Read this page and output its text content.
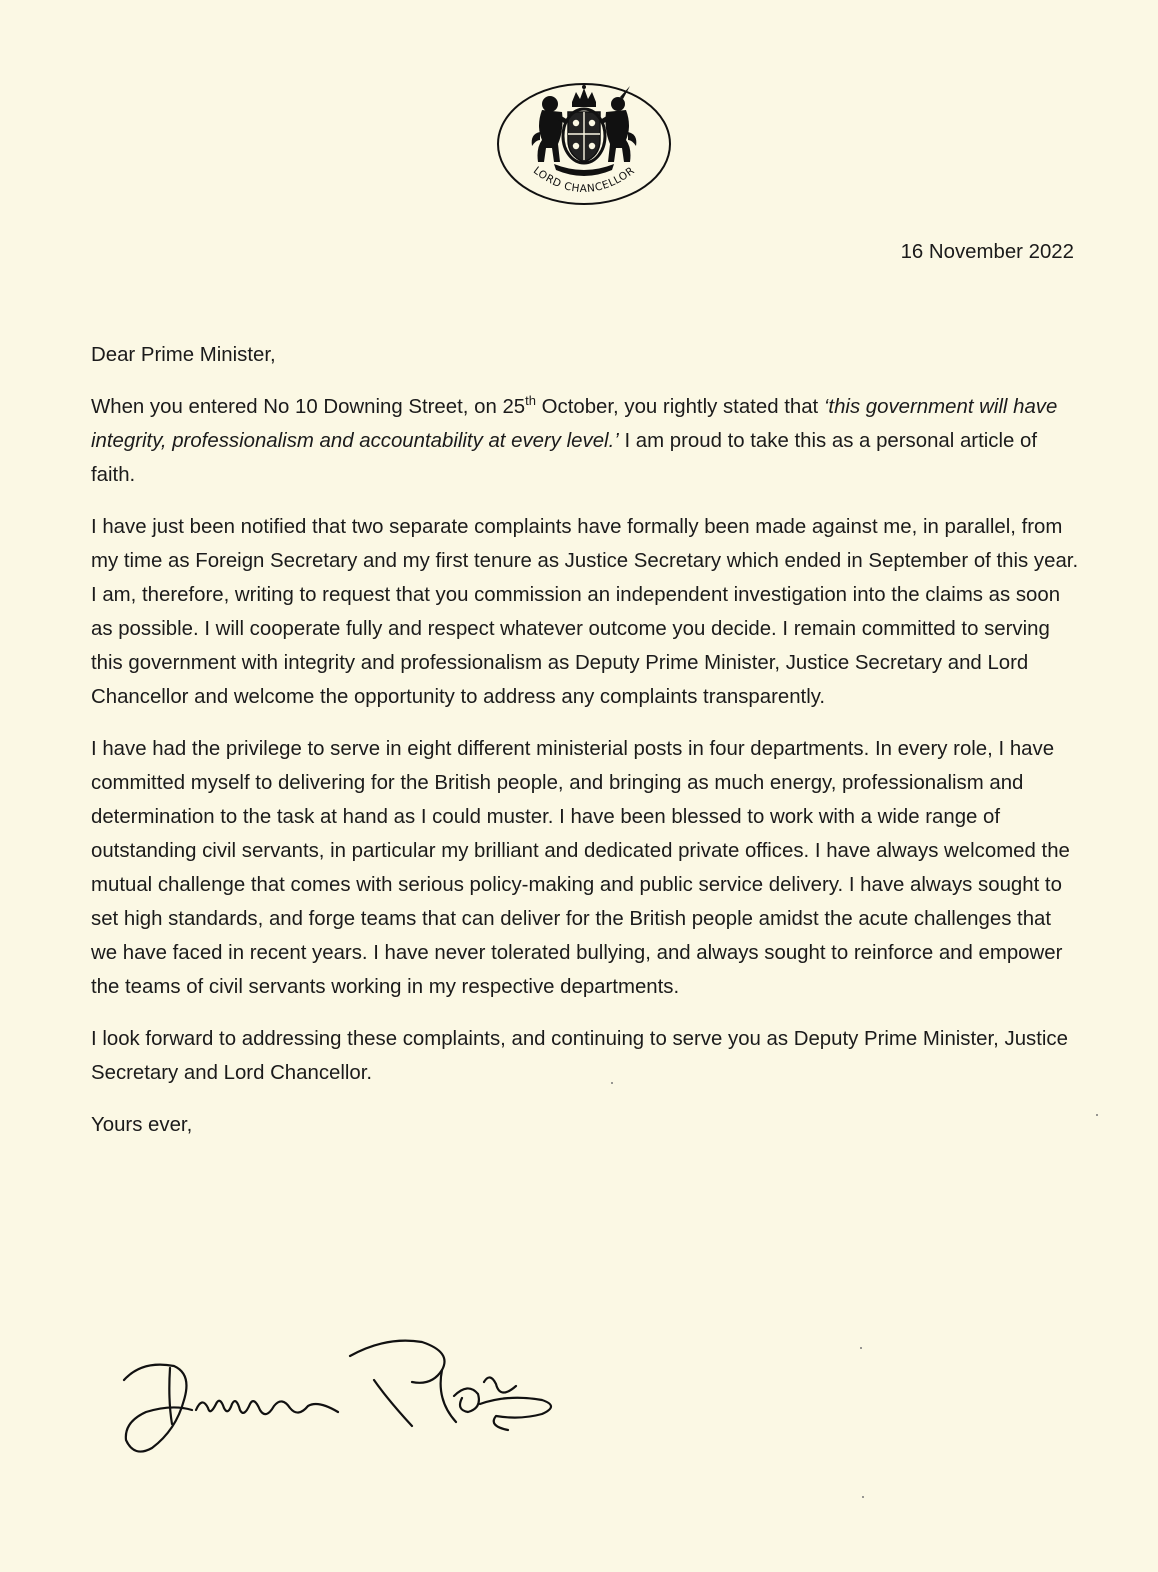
LORD CHANCELLOR
16 November 2022
Dear Prime Minister,

When you entered No 10 Downing Street, on 25th October, you rightly stated that ‘this government will have integrity, professionalism and accountability at every level.’ I am proud to take this as a personal article of faith.

I have just been notified that two separate complaints have formally been made against me, in parallel, from my time as Foreign Secretary and my first tenure as Justice Secretary which ended in September of this year. I am, therefore, writing to request that you commission an independent investigation into the claims as soon as possible. I will cooperate fully and respect whatever outcome you decide. I remain committed to serving this government with integrity and professionalism as Deputy Prime Minister, Justice Secretary and Lord Chancellor and welcome the opportunity to address any complaints transparently.

I have had the privilege to serve in eight different ministerial posts in four departments. In every role, I have committed myself to delivering for the British people, and bringing as much energy, professionalism and determination to the task at hand as I could muster. I have been blessed to work with a wide range of outstanding civil servants, in particular my brilliant and dedicated private offices. I have always welcomed the mutual challenge that comes with serious policy-making and public service delivery. I have always sought to set high standards, and forge teams that can deliver for the British people amidst the acute challenges that we have faced in recent years. I have never tolerated bullying, and always sought to reinforce and empower the teams of civil servants working in my respective departments.

I look forward to addressing these complaints, and continuing to serve you as Deputy Prime Minister, Justice Secretary and Lord Chancellor.

Yours ever,
